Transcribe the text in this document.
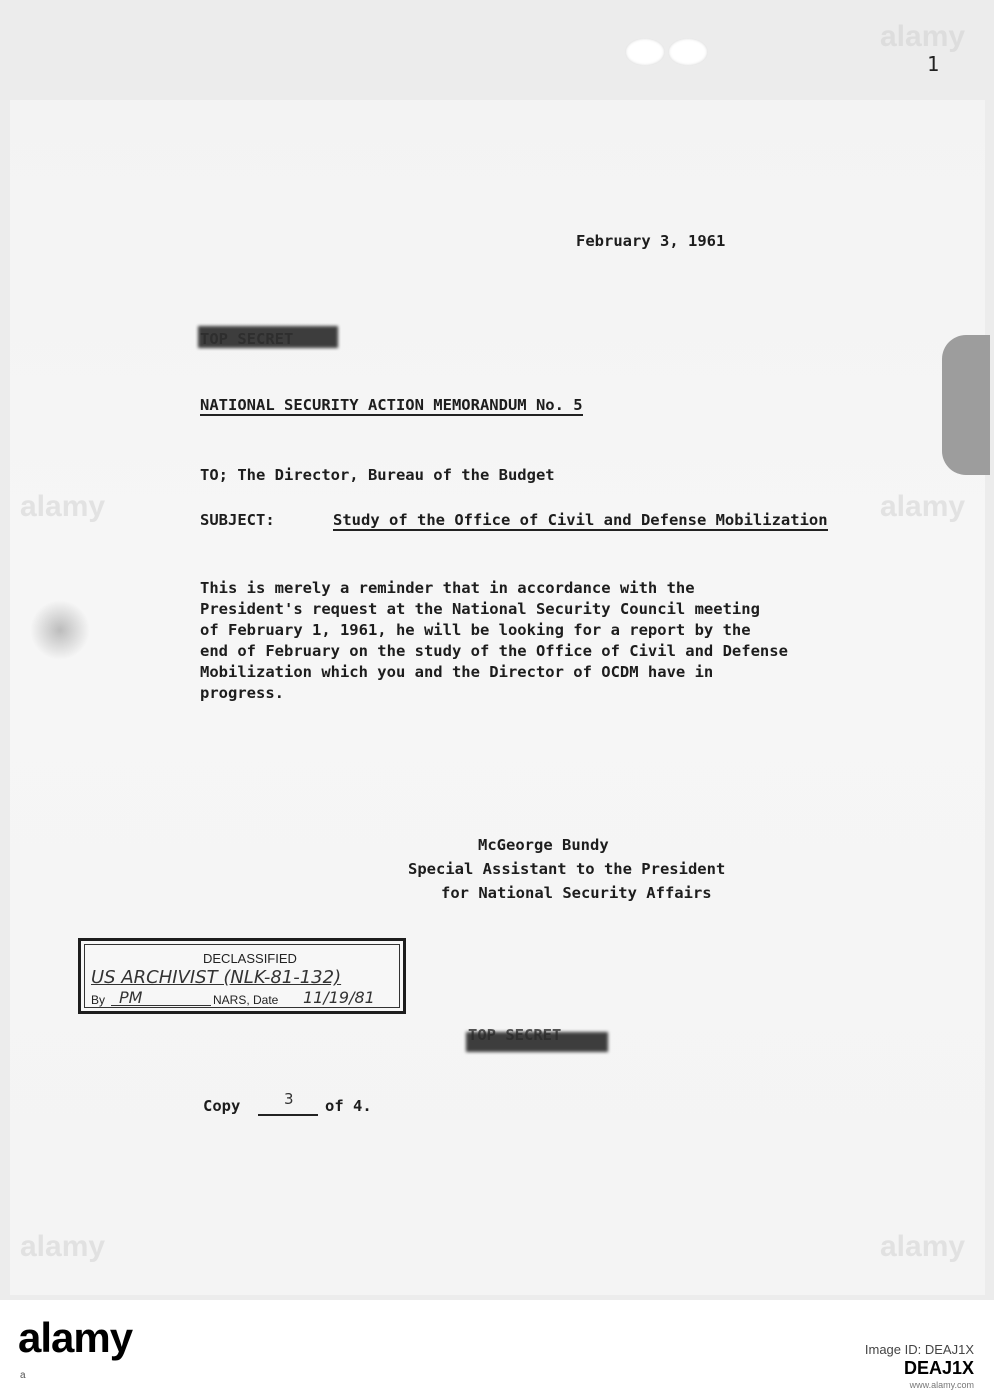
1
alamy	alamy
alamy
alamy	alamy
February 3, 1961
NATIONAL SECURITY ACTION MEMORANDUM No. 5
TO; The Director, Bureau of the Budget
SUBJECT:	Study of the Office of Civil and Defense Mobilization
This is merely a reminder that in accordance with the
President's request at the National Security Council meeting
of February 1, 1961, he will be looking for a report by the
end of February on the study of the Office of Civil and Defense
Mobilization which you and the Director of OCDM have in
progress.
McGeorge Bundy
Special Assistant to the President
for National Security Affairs
DECLASSIFIED
US ARCHIVIST (NLK-81-132)
By PM	NARS, Date 11/19/81
Copy	3 of 4.
alamy
a
Image ID: DEAJ1X
DEAJ1X
www.alamy.com
